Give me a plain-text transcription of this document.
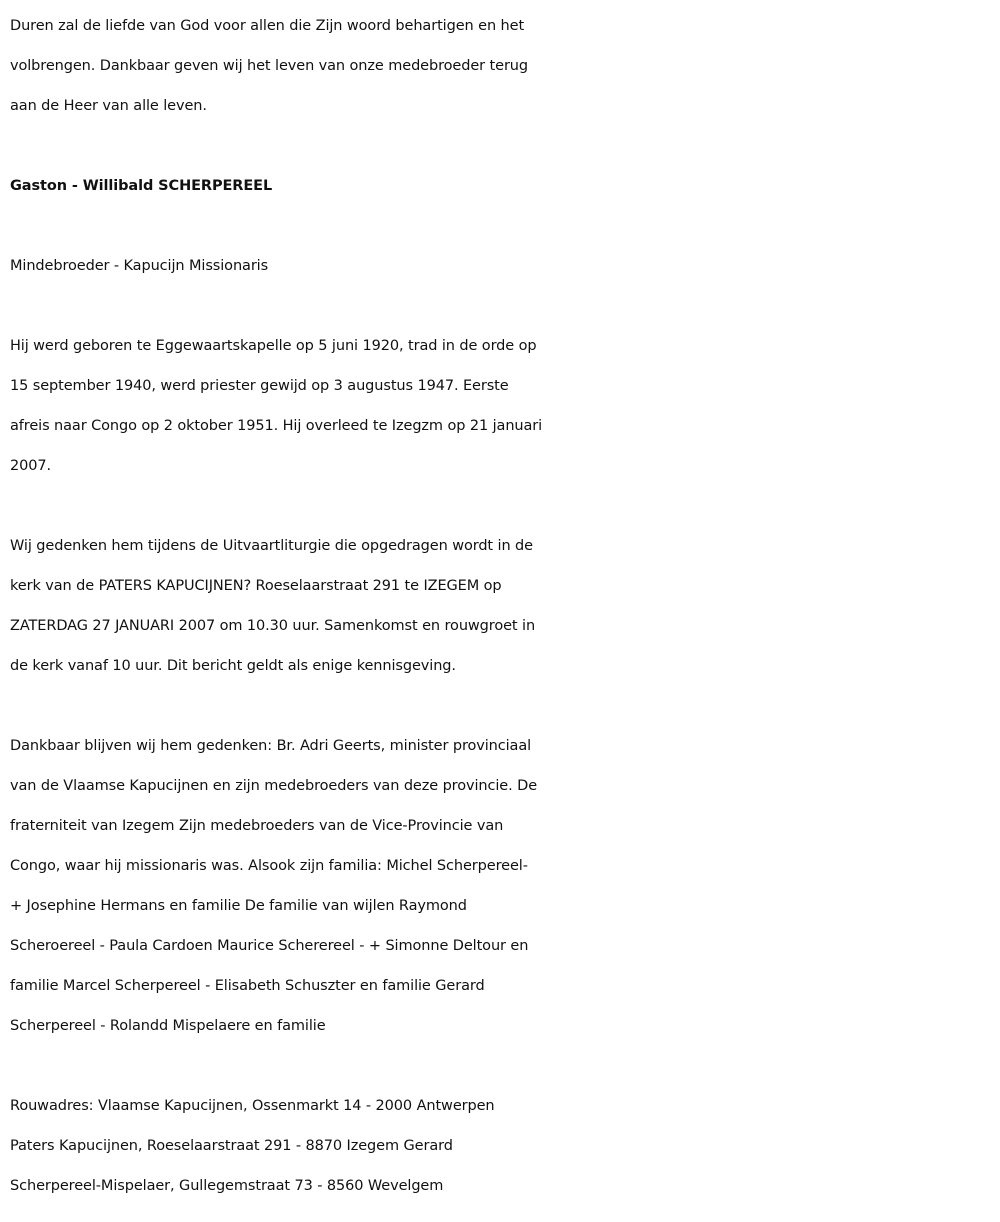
Duren zal de liefde van God voor allen die Zijn woord behartigen en het
volbrengen. Dankbaar geven wij het leven van onze medebroeder terug
aan de Heer van alle leven.
Gaston - Willibald SCHERPEREEL
Mindebroeder - Kapucijn Missionaris
Hij werd geboren te Eggewaartskapelle op 5 juni 1920, trad in de orde op
15 september 1940, werd priester gewijd op 3 augustus 1947. Eerste
afreis naar Congo op 2 oktober 1951. Hij overleed te Izegzm op 21 januari
2007.
Wij gedenken hem tijdens de Uitvaartliturgie die opgedragen wordt in de
kerk van de PATERS KAPUCIJNEN? Roeselaarstraat 291 te IZEGEM op
ZATERDAG 27 JANUARI 2007 om 10.30 uur. Samenkomst en rouwgroet in
de kerk vanaf 10 uur. Dit bericht geldt als enige kennisgeving.
Dankbaar blijven wij hem gedenken: Br. Adri Geerts, minister provinciaal
van de Vlaamse Kapucijnen en zijn medebroeders van deze provincie. De
fraterniteit van Izegem Zijn medebroeders van de Vice-Provincie van
Congo, waar hij missionaris was. Alsook zijn familia: Michel Scherpereel-
+ Josephine Hermans en familie De familie van wijlen Raymond
Scheroereel - Paula Cardoen Maurice Scherereel - + Simonne Deltour en
familie Marcel Scherpereel - Elisabeth Schuszter en familie Gerard
Scherpereel - Rolandd Mispelaere en familie
Rouwadres: Vlaamse Kapucijnen, Ossenmarkt 14 - 2000 Antwerpen
Paters Kapucijnen, Roeselaarstraat 291 - 8870 Izegem Gerard
Scherpereel-Mispelaer, Gullegemstraat 73 - 8560 Wevelgem
